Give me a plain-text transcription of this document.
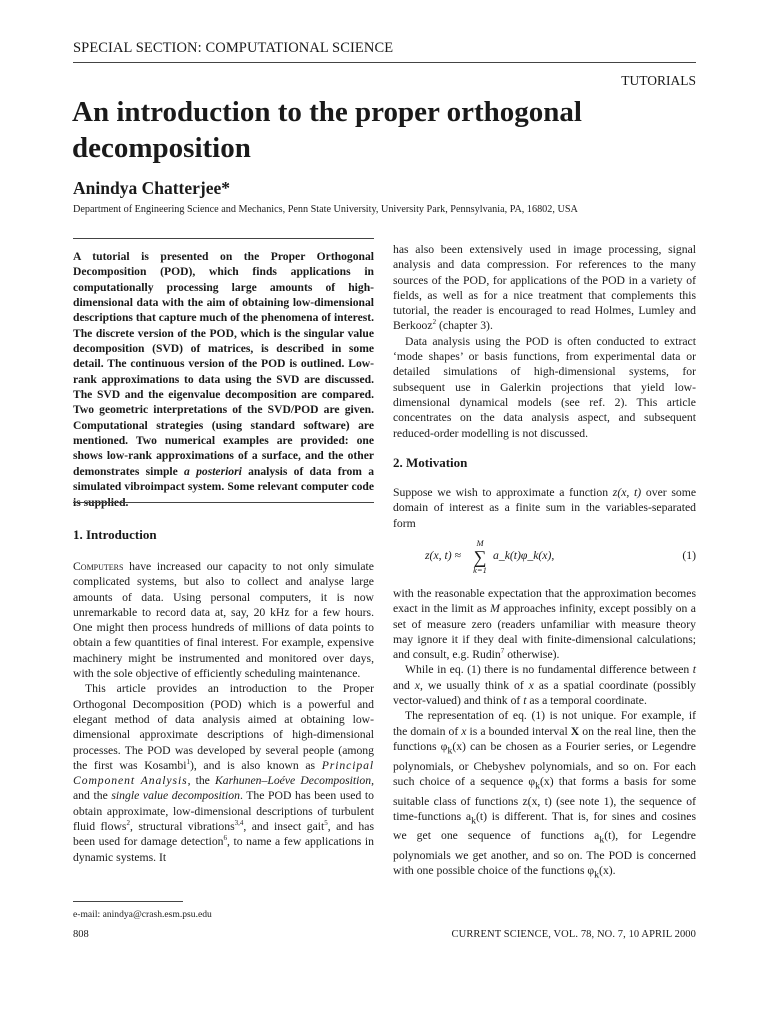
SPECIAL SECTION: COMPUTATIONAL SCIENCE
TUTORIALS
An introduction to the proper orthogonal decomposition
Anindya Chatterjee*
Department of Engineering Science and Mechanics, Penn State University, University Park, Pennsylvania, PA, 16802, USA
A tutorial is presented on the Proper Orthogonal Decomposition (POD), which finds applications in computationally processing large amounts of high-dimensional data with the aim of obtaining low-dimensional descriptions that capture much of the phenomena of interest. The discrete version of the POD, which is the singular value decomposition (SVD) of matrices, is described in some detail. The continuous version of the POD is outlined. Low-rank approximations to data using the SVD are discussed. The SVD and the eigenvalue decomposition are compared. Two geometric interpretations of the SVD/POD are given. Computational strategies (using standard software) are mentioned. Two numerical examples are provided: one shows low-rank approximations of a surface, and the other demonstrates simple a posteriori analysis of data from a simulated vibroimpact system. Some relevant computer code is supplied.
1. Introduction

Computers have increased our capacity to not only simulate complicated systems, but also to collect and analyse large amounts of data. Using personal computers, it is now unremarkable to record data at, say, 20 kHz for a few hours. One might then process hundreds of millions of data points to obtain a few quantities of final interest. For example, expensive machinery might be instrumented and monitored over days, with the sole objective of efficiently scheduling maintenance.

This article provides an introduction to the Proper Orthogonal Decomposition (POD) which is a powerful and elegant method of data analysis aimed at obtaining low-dimensional approximate descriptions of high-dimensional processes. The POD was developed by several people (among the first was Kosambi$^1$), and is also known as Principal Component Analysis, the Karhunen–Loéve Decomposition, and the single value decomposition. The POD has been used to obtain approximate, low-dimensional descriptions of turbulent fluid flows$^2$, structural vibrations$^{3,4}$, and insect gait$^5$, and has been used for damage detection$^6$, to name a few applications in dynamic systems. It

e-mail: anindya@crash.esm.psu.edu
808

has also been extensively used in image processing, signal analysis and data compression. For references to the many sources of the POD, for applications of the POD in a variety of fields, as well as for a nice treatment that complements this tutorial, the reader is encouraged to read Holmes, Lumley and Berkooz$^2$ (chapter 3).

Data analysis using the POD is often conducted to extract ‘mode shapes’ or basis functions, from experimental data or detailed simulations of high-dimensional systems, for subsequent use in Galerkin projections that yield low-dimensional dynamical models (see ref. 2). This article concentrates on the data analysis aspect, and subsequent reduced-order modelling is not discussed.

2. Motivation
Suppose we wish to approximate a function z(x, t) over some domain of interest as a finite sum in the variables-separated form
z(x, t) ≈
M
∑
k=1
a_k(t)φ_k(x),	(1)

with the reasonable expectation that the approximation becomes exact in the limit as M approaches infinity, except possibly on a set of measure zero (readers unfamiliar with measure theory may ignore it if they deal with finite-dimensional calculations; and consult, e.g. Rudin$^7$ otherwise).

While in eq. (1) there is no fundamental difference between t and x, we usually think of x as a spatial coordinate (possibly vector-valued) and think of t as a temporal coordinate.

The representation of eq. (1) is not unique. For example, if the domain of x is a bounded interval X on the real line, then the functions $\varphi_k(x)$ can be chosen as a Fourier series, or Legendre polynomials, or Chebyshev polynomials, and so on. For each such choice of a sequence $\varphi_k(x)$ that forms a basis for some suitable class of functions z(x, t) (see note 1), the sequence of time-functions $a_k(t)$ is different. That is, for sines and cosines we get one sequence of functions $a_k(t)$, for Legendre polynomials we get another, and so on. The POD is concerned with one possible choice of the functions $\varphi_k(x)$.

CURRENT SCIENCE, VOL. 78, NO. 7, 10 APRIL 2000
